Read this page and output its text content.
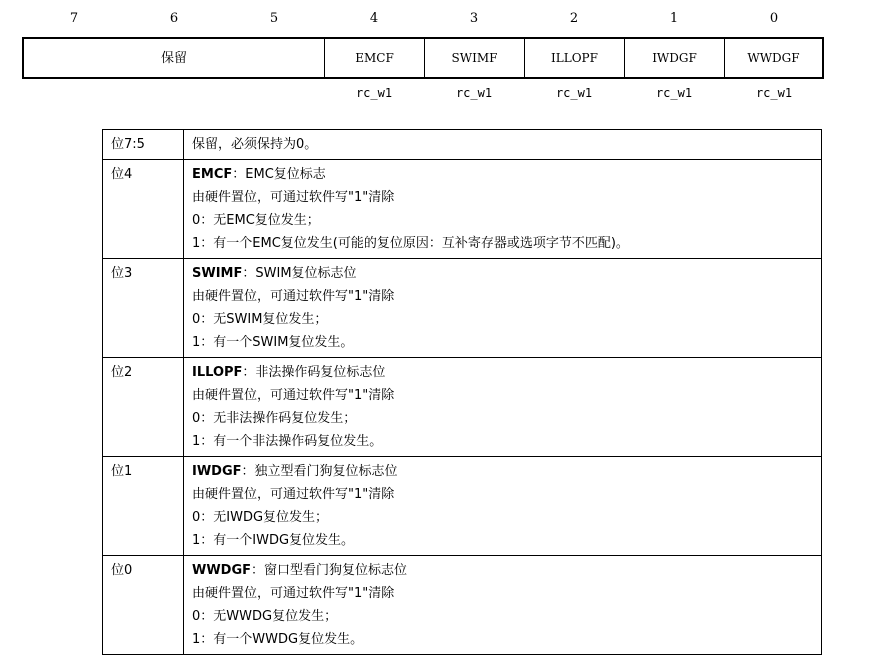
7	6	5	4	3	2	1	0
保留	EMCF	SWIMF	ILLOPF	IWDGF	WWDGF
rc_w1	rc_w1	rc_w1	rc_w1	rc_w1
位7:5	保留，必须保持为0。

位4	EMCF：EMC复位标志
由硬件置位，可通过软件写"1"清除
0：无EMC复位发生；
1：有一个EMC复位发生(可能的复位原因：互补寄存器或选项字节不匹配)。

位3	SWIMF：SWIM复位标志位
由硬件置位，可通过软件写"1"清除
0：无SWIM复位发生；
1：有一个SWIM复位发生。

位2	ILLOPF：非法操作码复位标志位
由硬件置位，可通过软件写"1"清除
0：无非法操作码复位发生；
1：有一个非法操作码复位发生。

位1	IWDGF：独立型看门狗复位标志位
由硬件置位，可通过软件写"1"清除
0：无IWDG复位发生；
1：有一个IWDG复位发生。

位0	WWDGF：窗口型看门狗复位标志位
由硬件置位，可通过软件写"1"清除
0：无WWDG复位发生；
1：有一个WWDG复位发生。
